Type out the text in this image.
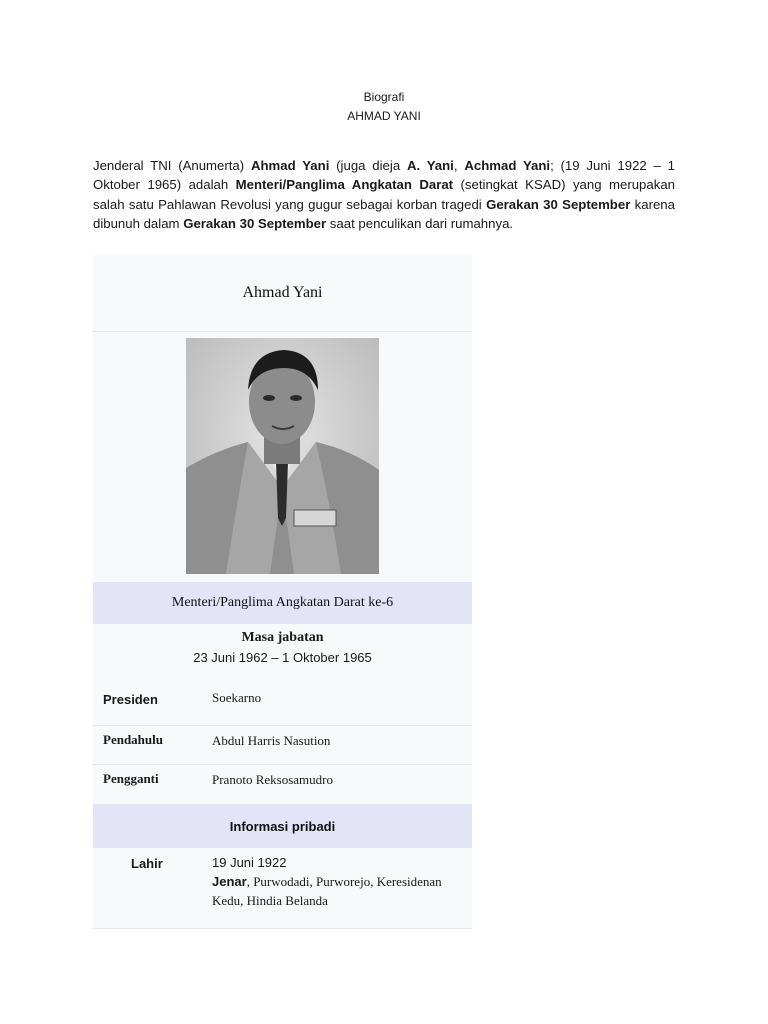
Biografi
AHMAD YANI

Jenderal TNI (Anumerta) Ahmad Yani (juga dieja A. Yani, Achmad Yani; (19 Juni 1922 – 1 Oktober 1965) adalah Menteri/Panglima Angkatan Darat (setingkat KSAD) yang merupakan salah satu Pahlawan Revolusi yang gugur sebagai korban tragedi Gerakan 30 September karena dibunuh dalam Gerakan 30 September saat penculikan dari rumahnya.

Ahmad Yani
Menteri/Panglima Angkatan Darat ke-6
Masa jabatan
23 Juni 1962 – 1 Oktober 1965
Presiden	Soekarno
Pendahulu	Abdul Harris Nasution
Pengganti	Pranoto Reksosamudro
Informasi pribadi
Lahir	19 Juni 1922
Jenar, Purwodadi, Purworejo, Keresidenan Kedu, Hindia Belanda
